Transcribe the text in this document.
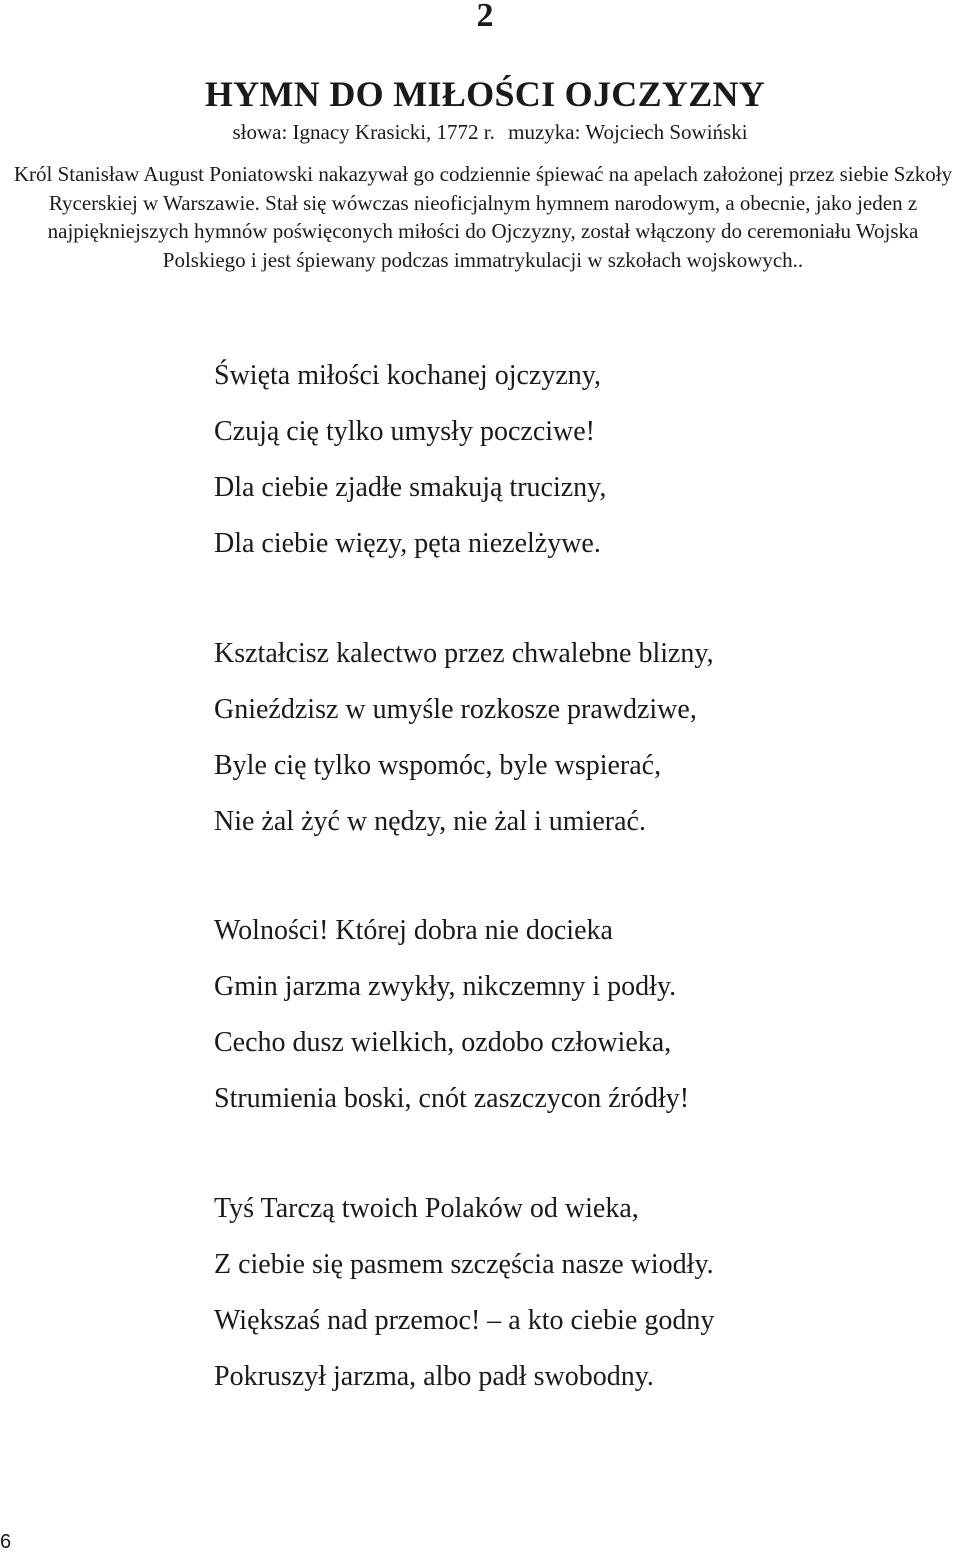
2
HYMN DO MIŁOŚCI OJCZYZNY
słowa: Ignacy Krasicki, 1772 r. muzyka: Wojciech Sowiński

Król Stanisław August Poniatowski nakazywał go codziennie śpiewać na apelach założonej przez siebie Szkoły Rycerskiej w Warszawie. Stał się wówczas nieoficjalnym hymnem narodowym, a obecnie, jako jeden z najpiękniejszych hymnów poświęconych miłości do Ojczyzny, został włączony do ceremoniału Wojska Polskiego i jest śpiewany podczas immatrykulacji w szkołach wojskowych..

Święta miłości kochanej ojczyzny,
Czują cię tylko umysły poczciwe!
Dla ciebie zjadłe smakują trucizny,
Dla ciebie więzy, pęta niezelżywe.
Kształcisz kalectwo przez chwalebne blizny,
Gnieździsz w umyśle rozkosze prawdziwe,
Byle cię tylko wspomóc, byle wspierać,
Nie żal żyć w nędzy, nie żal i umierać.
Wolności! Której dobra nie docieka
Gmin jarzma zwykły, nikczemny i podły.
Cecho dusz wielkich, ozdobo człowieka,
Strumienia boski, cnót zaszczycon źródły!
Tyś Tarczą twoich Polaków od wieka,
Z ciebie się pasmem szczęścia nasze wiodły.
Większaś nad przemoc! – a kto ciebie godny
Pokruszył jarzma, albo padł swobodny.
6
